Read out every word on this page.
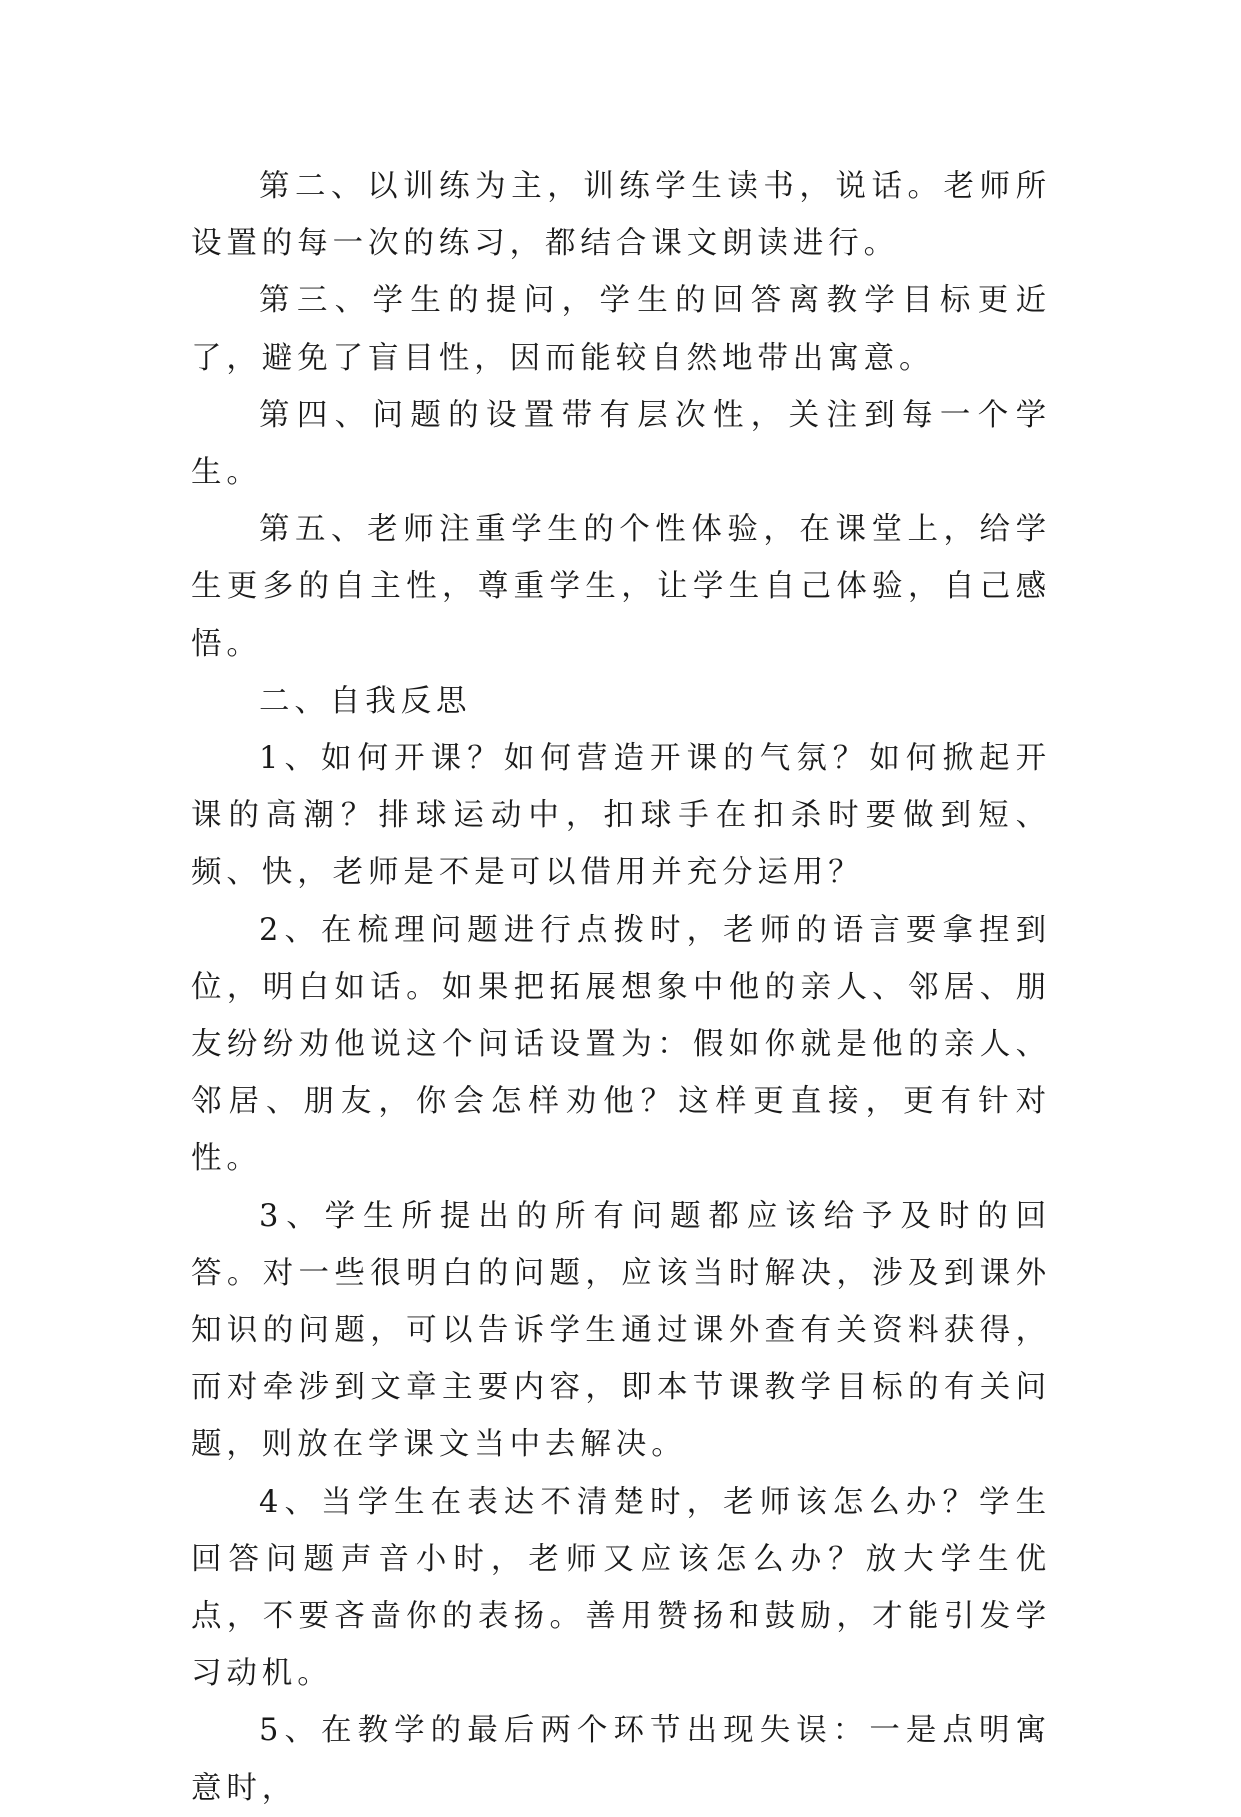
第二、以训练为主，训练学生读书，说话。老师所设置的每一次的练习，都结合课文朗读进行。

第三、学生的提问，学生的回答离教学目标更近了，避免了盲目性，因而能较自然地带出寓意。

第四、问题的设置带有层次性，关注到每一个学生。

第五、老师注重学生的个性体验，在课堂上，给学生更多的自主性，尊重学生，让学生自己体验，自己感悟。

二、自我反思

1、如何开课？如何营造开课的气氛？如何掀起开课的高潮？排球运动中，扣球手在扣杀时要做到短、频、快，老师是不是可以借用并充分运用？

2、在梳理问题进行点拨时，老师的语言要拿捏到位，明白如话。如果把拓展想象中他的亲人、邻居、朋友纷纷劝他说这个问话设置为：假如你就是他的亲人、邻居、朋友，你会怎样劝他？这样更直接，更有针对性。

3、学生所提出的所有问题都应该给予及时的回答。对一些很明白的问题，应该当时解决，涉及到课外知识的问题，可以告诉学生通过课外查有关资料获得，而对牵涉到文章主要内容，即本节课教学目标的有关问题，则放在学课文当中去解决。

4、当学生在表达不清楚时，老师该怎么办？学生回答问题声音小时，老师又应该怎么办？放大学生优点，不要吝啬你的表扬。善用赞扬和鼓励，才能引发学习动机。

5、在教学的最后两个环节出现失误：一是点明寓意时，
